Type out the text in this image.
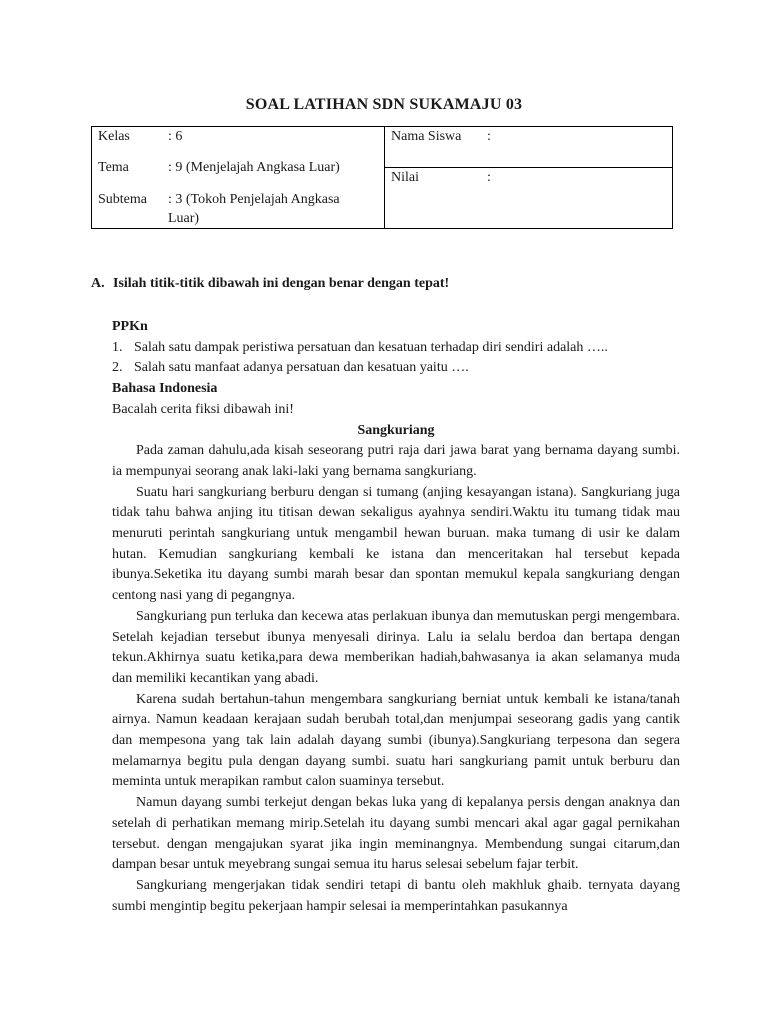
SOAL LATIHAN SDN SUKAMAJU 03
Kelas	: 6
Tema	: 9 (Menjelajah Angkasa Luar)
Subtema : 3 (Tokoh Penjelajah Angkasa Luar)

Nama Siswa :

Nilai	:
A. Isilah titik-titik dibawah ini dengan benar dengan tepat!
PPKn
1. Salah satu dampak peristiwa persatuan dan kesatuan terhadap diri sendiri adalah …..
2. Salah satu manfaat adanya persatuan dan kesatuan yaitu ….
Bahasa Indonesia
Bacalah cerita fiksi dibawah ini!
Sangkuriang

Pada zaman dahulu,ada kisah seseorang putri raja dari jawa barat yang bernama dayang sumbi. ia mempunyai seorang anak laki-laki yang bernama sangkuriang.

Suatu hari sangkuriang berburu dengan si tumang (anjing kesayangan istana). Sangkuriang juga tidak tahu bahwa anjing itu titisan dewan sekaligus ayahnya sendiri.Waktu itu tumang tidak mau menuruti perintah sangkuriang untuk mengambil hewan buruan. maka tumang di usir ke dalam hutan. Kemudian sangkuriang kembali ke istana dan menceritakan hal tersebut kepada ibunya.Seketika itu dayang sumbi marah besar dan spontan memukul kepala sangkuriang dengan centong nasi yang di pegangnya.

Sangkuriang pun terluka dan kecewa atas perlakuan ibunya dan memutuskan pergi mengembara. Setelah kejadian tersebut ibunya menyesali dirinya. Lalu ia selalu berdoa dan bertapa dengan tekun.Akhirnya suatu ketika,para dewa memberikan hadiah,bahwasanya ia akan selamanya muda dan memiliki kecantikan yang abadi.

Karena sudah bertahun-tahun mengembara sangkuriang berniat untuk kembali ke istana/tanah airnya. Namun keadaan kerajaan sudah berubah total,dan menjumpai seseorang gadis yang cantik dan mempesona yang tak lain adalah dayang sumbi (ibunya).Sangkuriang terpesona dan segera melamarnya begitu pula dengan dayang sumbi. suatu hari sangkuriang pamit untuk berburu dan meminta untuk merapikan rambut calon suaminya tersebut.

Namun dayang sumbi terkejut dengan bekas luka yang di kepalanya persis dengan anaknya dan setelah di perhatikan memang mirip.Setelah itu dayang sumbi mencari akal agar gagal pernikahan tersebut. dengan mengajukan syarat jika ingin meminangnya. Membendung sungai citarum,dan dampan besar untuk meyebrang sungai semua itu harus selesai sebelum fajar terbit.

Sangkuriang mengerjakan tidak sendiri tetapi di bantu oleh makhluk ghaib. ternyata dayang sumbi mengintip begitu pekerjaan hampir selesai ia memperintahkan pasukannya
